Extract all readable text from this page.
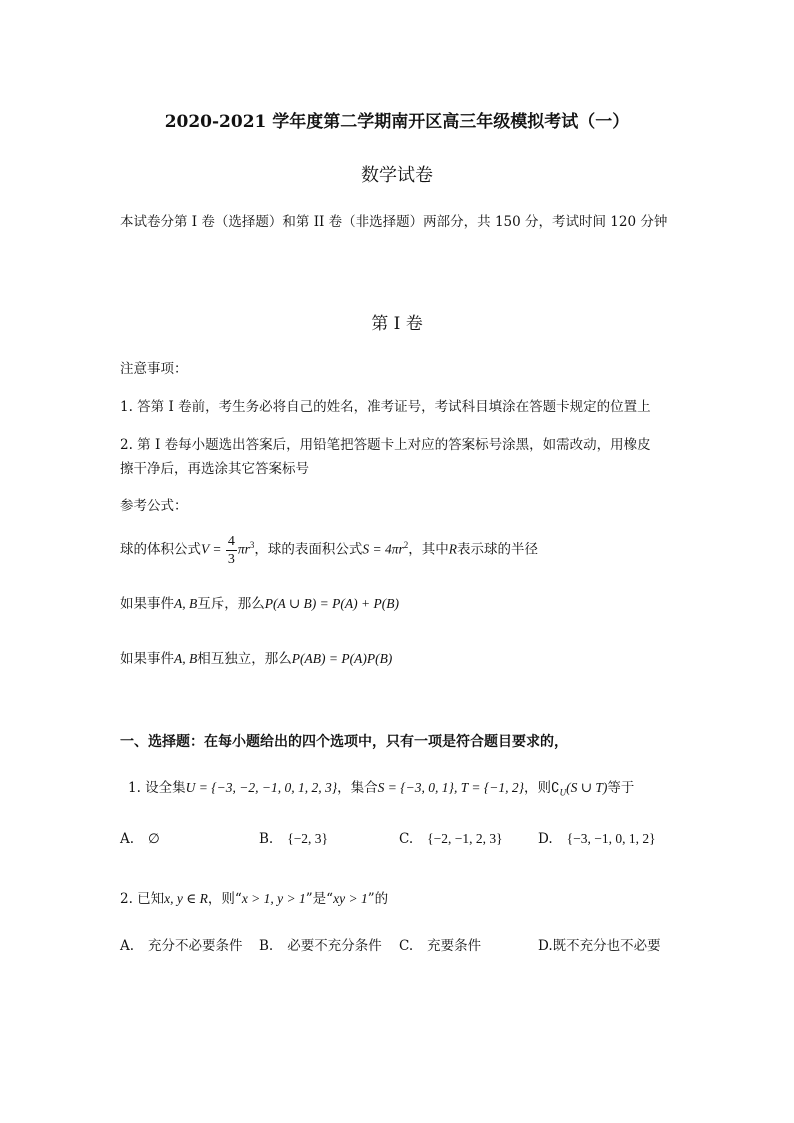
2020-2021 学年度第二学期南开区高三年级模拟考试（一）
数学试卷
本试卷分第 I 卷（选择题）和第 II 卷（非选择题）两部分，共 150 分，考试时间 120 分钟
第 I 卷
注意事项：
1. 答第 I 卷前，考生务必将自己的姓名，准考证号，考试科目填涂在答题卡规定的位置上
2. 第 I 卷每小题选出答案后，用铅笔把答题卡上对应的答案标号涂黑，如需改动，用橡皮
擦干净后，再选涂其它答案标号
参考公式：
球的体积公式$V = \frac{4}{3} \pi r^3$，球的表面积公式$S = 4\pi r^2$，其中R表示球的半径
如果事件A, B互斥，那么P(A ∪ B) = P(A) + P(B)
如果事件A, B相互独立，那么P(AB) = P(A)P(B)
一、选择题：在每小题给出的四个选项中，只有一项是符合题目要求的，
1. 设全集U = {−3, −2, −1, 0, 1, 2, 3}，集合S = {−3, 0, 1}, T = {−1, 2}，则$∁_U(S$ ∪ T)等于
A. ∅	B. {−2, 3}	C. {−2, −1, 2, 3}	D. {−3, −1, 0, 1, 2}
2. 已知x, y ∈ R，则“x > 1, y > 1”是“xy > 1”的
A. 充分不必要条件 B. 必要不充分条件 C. 充要条件	D.既不充分也不必要
